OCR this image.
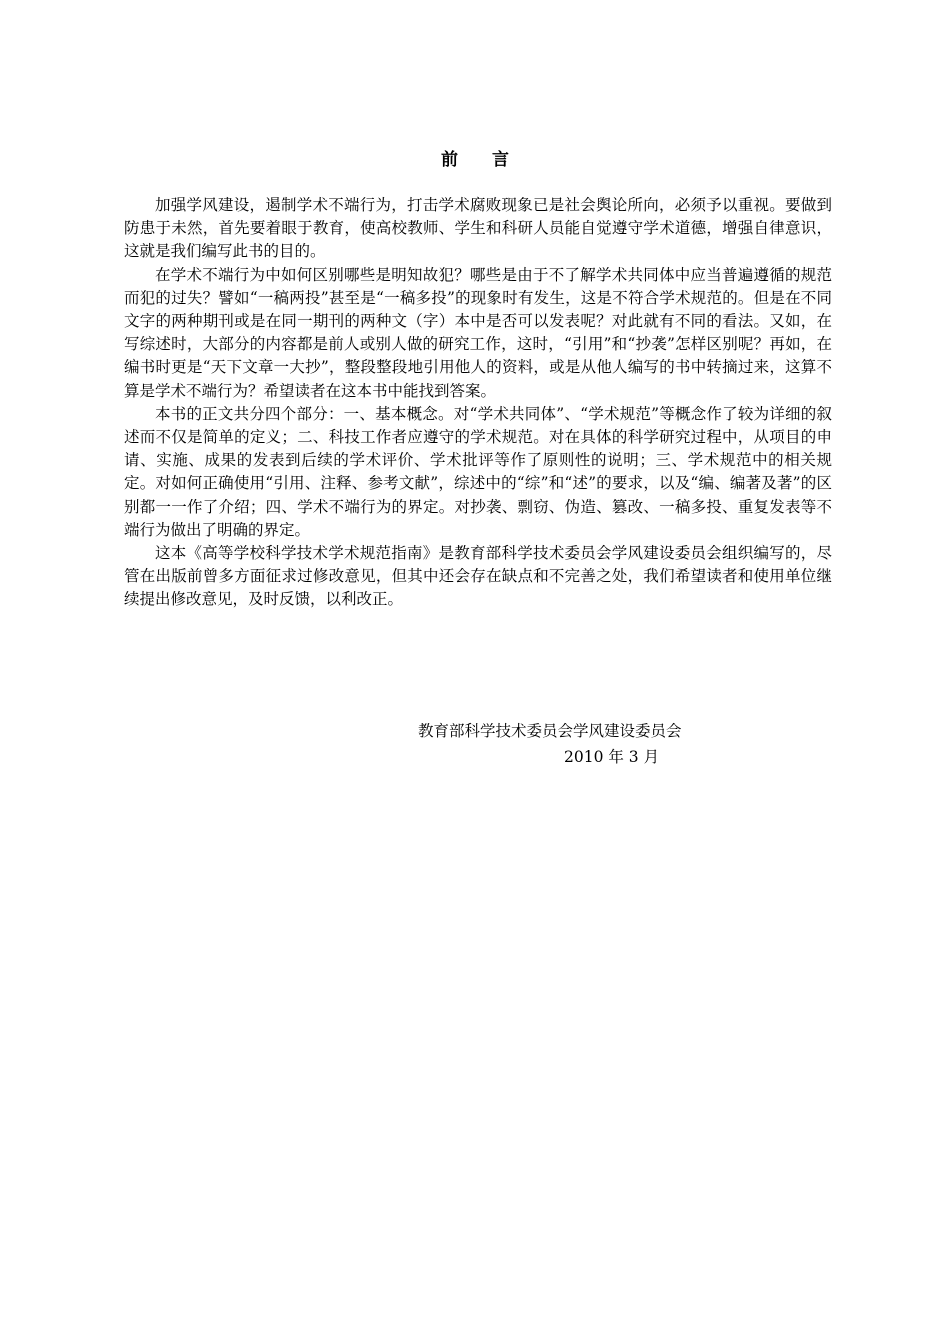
前 言

加强学风建设，遏制学术不端行为，打击学术腐败现象已是社会舆论所向，必须予以重视。要做到防患于未然，首先要着眼于教育，使高校教师、学生和科研人员能自觉遵守学术道德，增强自律意识，这就是我们编写此书的目的。

在学术不端行为中如何区别哪些是明知故犯？哪些是由于不了解学术共同体中应当普遍遵循的规范而犯的过失？譬如“一稿两投”甚至是“一稿多投”的现象时有发生，这是不符合学术规范的。但是在不同文字的两种期刊或是在同一期刊的两种文（字）本中是否可以发表呢？对此就有不同的看法。又如，在写综述时，大部分的内容都是前人或别人做的研究工作，这时，“引用”和“抄袭”怎样区别呢？再如，在编书时更是“天下文章一大抄”，整段整段地引用他人的资料，或是从他人编写的书中转摘过来，这算不算是学术不端行为？希望读者在这本书中能找到答案。

本书的正文共分四个部分：一、基本概念。对“学术共同体”、“学术规范”等概念作了较为详细的叙述而不仅是简单的定义；二、科技工作者应遵守的学术规范。对在具体的科学研究过程中，从项目的申请、实施、成果的发表到后续的学术评价、学术批评等作了原则性的说明；三、学术规范中的相关规定。对如何正确使用“引用、注释、参考文献”，综述中的“综”和“述”的要求，以及“编、编著及著”的区别都一一作了介绍；四、学术不端行为的界定。对抄袭、剽窃、伪造、篡改、一稿多投、重复发表等不端行为做出了明确的界定。

这本《高等学校科学技术学术规范指南》是教育部科学技术委员会学风建设委员会组织编写的，尽管在出版前曾多方面征求过修改意见，但其中还会存在缺点和不完善之处，我们希望读者和使用单位继续提出修改意见，及时反馈，以利改正。

教育部科学技术委员会学风建设委员会
2010 年 3 月
